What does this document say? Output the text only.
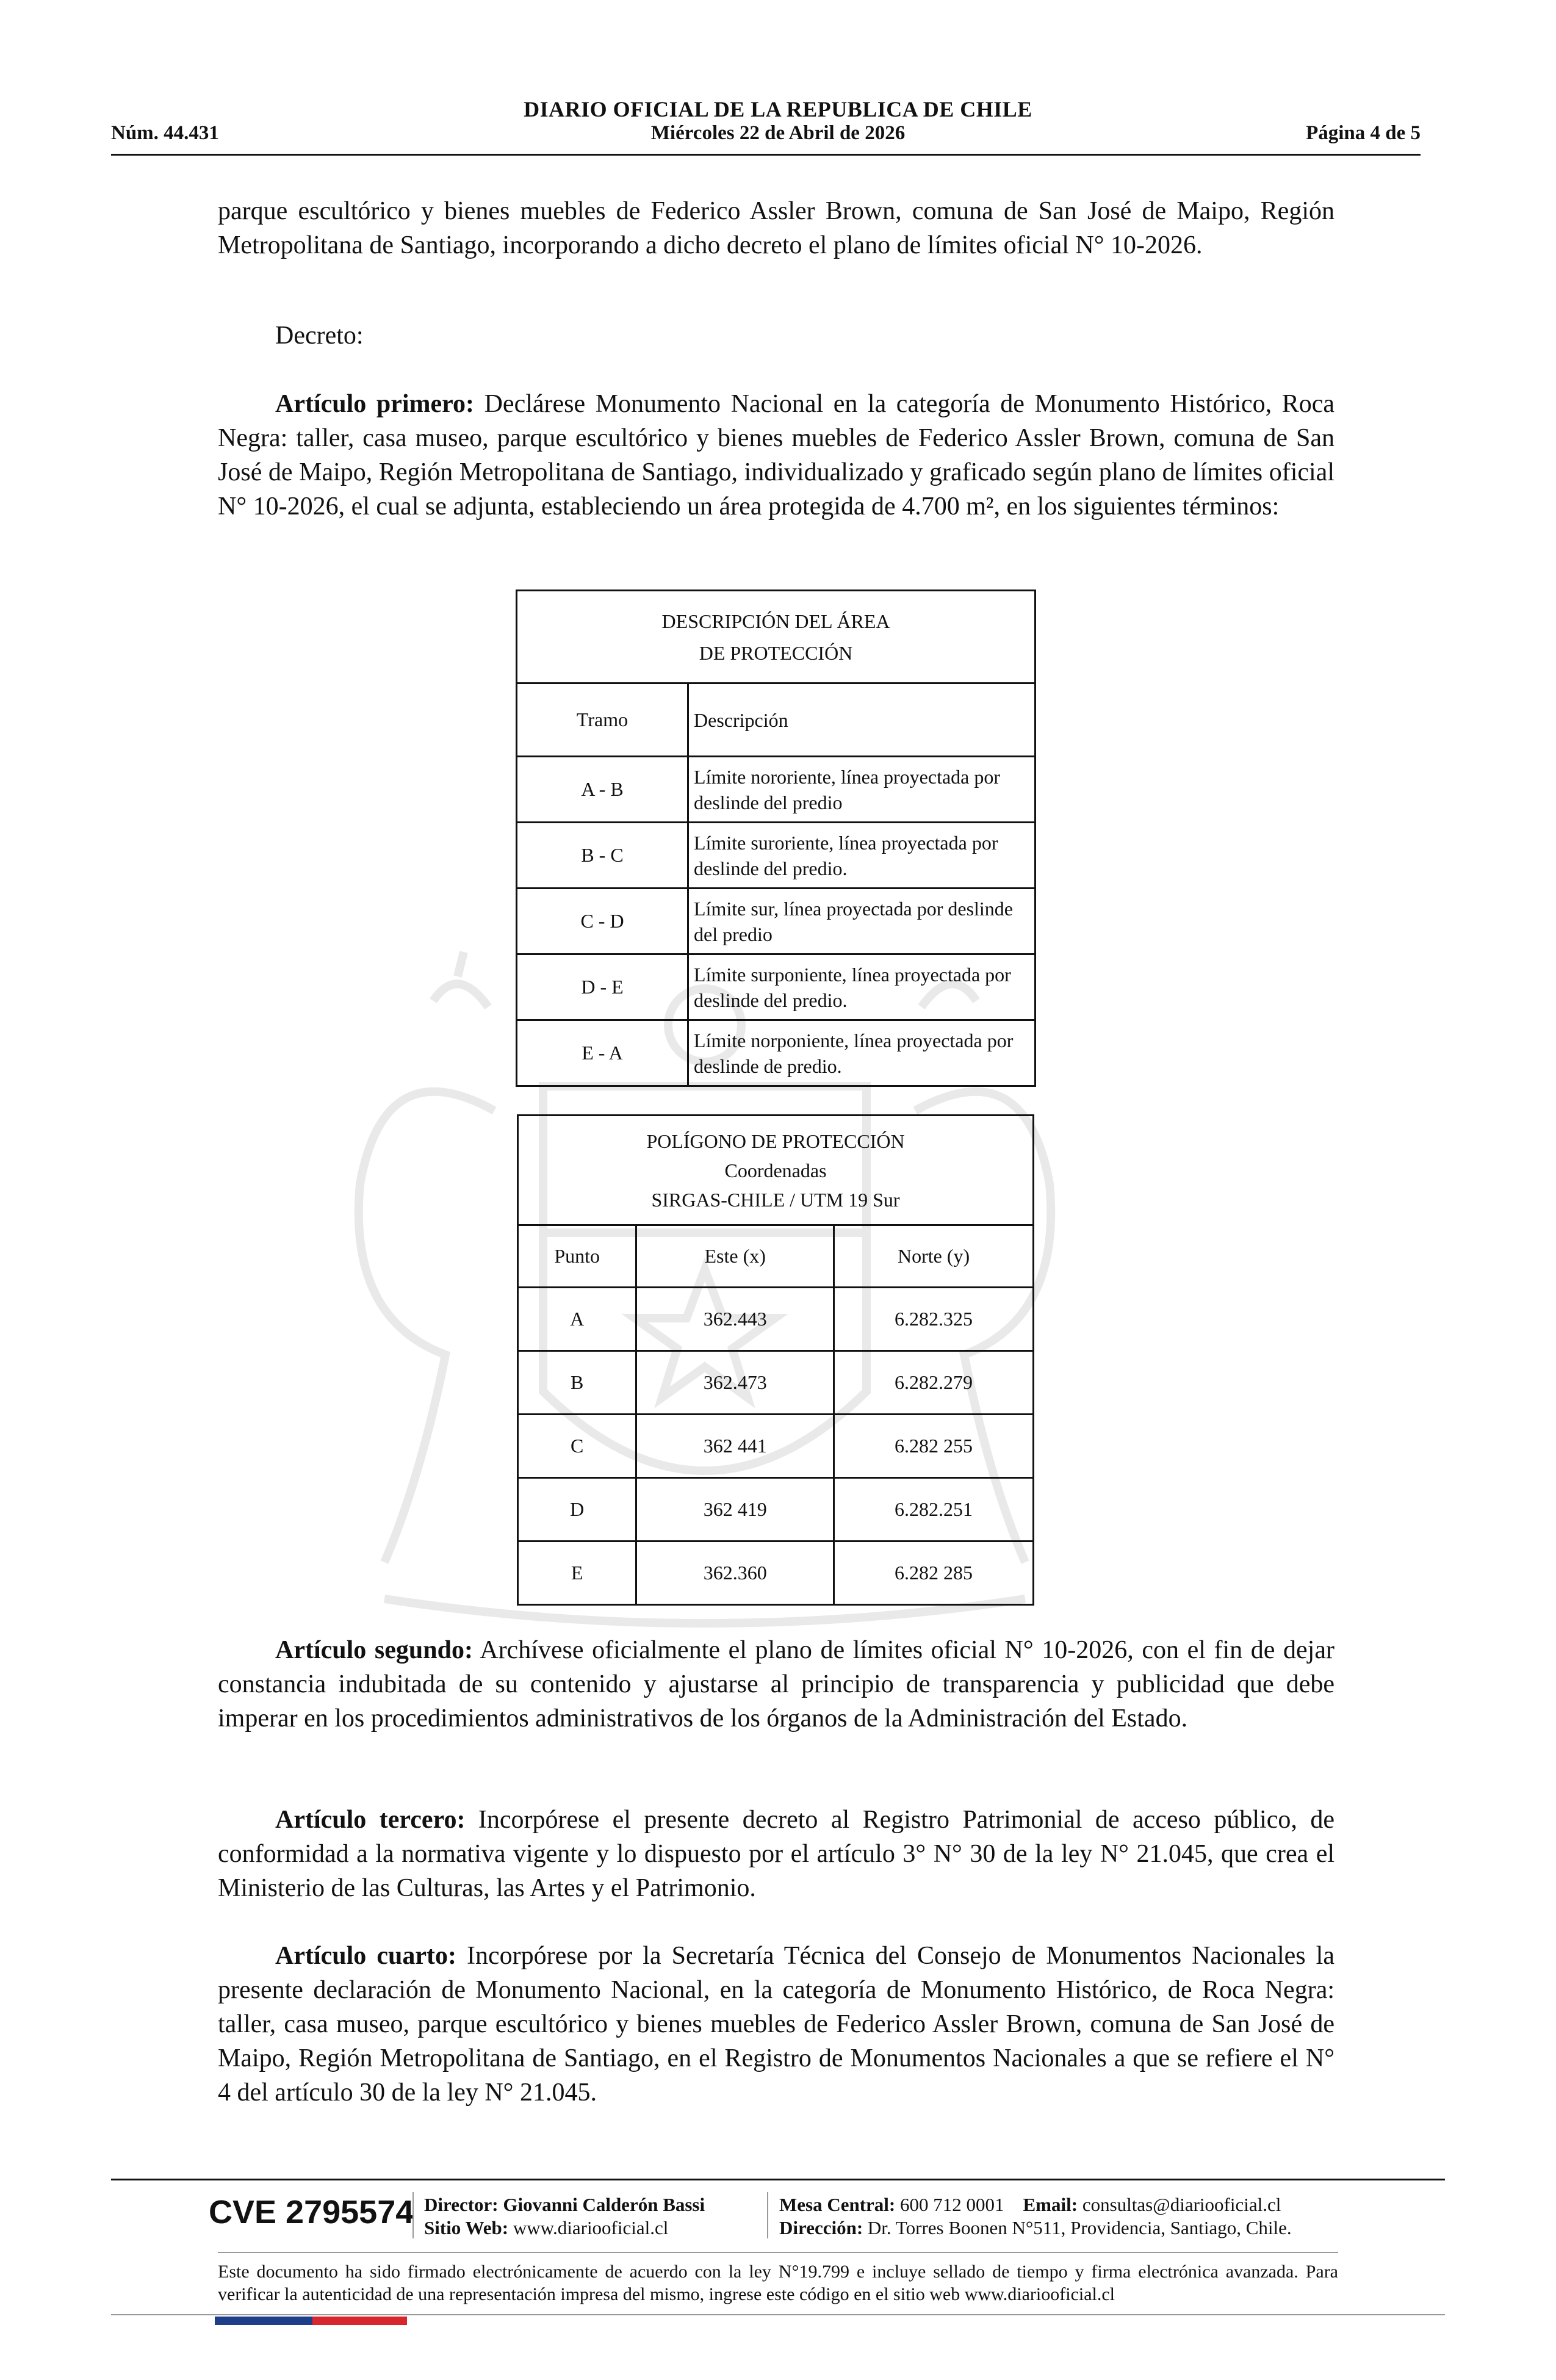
DIARIO OFICIAL DE LA REPUBLICA DE CHILE
Núm. 44.431	Miércoles 22 de Abril de 2026	Página 4 de 5
parque escultórico y bienes muebles de Federico Assler Brown, comuna de San José de Maipo, Región Metropolitana de Santiago, incorporando a dicho decreto el plano de límites oficial N° 10-2026.
Decreto:
Artículo primero: Declárese Monumento Nacional en la categoría de Monumento Histórico, Roca Negra: taller, casa museo, parque escultórico y bienes muebles de Federico Assler Brown, comuna de San José de Maipo, Región Metropolitana de Santiago, individualizado y graficado según plano de límites oficial N° 10-2026, el cual se adjunta, estableciendo un área protegida de 4.700 m², en los siguientes términos:
DESCRIPCIÓN DEL ÁREA
DE PROTECCIÓN	

Tramo	Descripción
A - B	Límite nororiente, línea proyectada por deslinde del predio
B - C	Límite suroriente, línea proyectada por deslinde del predio.
C - D	Límite sur, línea proyectada por deslinde del predio
D - E	Límite surponiente, línea proyectada por deslinde del predio.
E - A	Límite norponiente, línea proyectada por deslinde de predio.
POLÍGONO DE PROTECCIÓN
Coordenadas
SIRGAS-CHILE / UTM 19 Sur		

Punto	Este (x)	Norte (y)
A	362.443	6.282.325
B	362.473	6.282.279
C	362 441	6.282 255
D	362 419	6.282.251
E	362.360	6.282 285
Artículo segundo: Archívese oficialmente el plano de límites oficial N° 10-2026, con el fin de dejar constancia indubitada de su contenido y ajustarse al principio de transparencia y publicidad que debe imperar en los procedimientos administrativos de los órganos de la Administración del Estado.
Artículo tercero: Incorpórese el presente decreto al Registro Patrimonial de acceso público, de conformidad a la normativa vigente y lo dispuesto por el artículo 3° N° 30 de la ley N° 21.045, que crea el Ministerio de las Culturas, las Artes y el Patrimonio.
Artículo cuarto: Incorpórese por la Secretaría Técnica del Consejo de Monumentos Nacionales la presente declaración de Monumento Nacional, en la categoría de Monumento Histórico, de Roca Negra: taller, casa museo, parque escultórico y bienes muebles de Federico Assler Brown, comuna de San José de Maipo, Región Metropolitana de Santiago, en el Registro de Monumentos Nacionales a que se refiere el N° 4 del artículo 30 de la ley N° 21.045.
CVE 2795574 Director: Giovanni Calderón Bassi
Sitio Web: www.diariooficial.cl
Mesa Central: 600 712 0001 Email: consultas@diariooficial.cl
Dirección: Dr. Torres Boonen N°511, Providencia, Santiago, Chile.
Este documento ha sido firmado electrónicamente de acuerdo con la ley N°19.799 e incluye sellado de tiempo y firma electrónica avanzada. Para verificar la autenticidad de una representación impresa del mismo, ingrese este código en el sitio web www.diariooficial.cl
